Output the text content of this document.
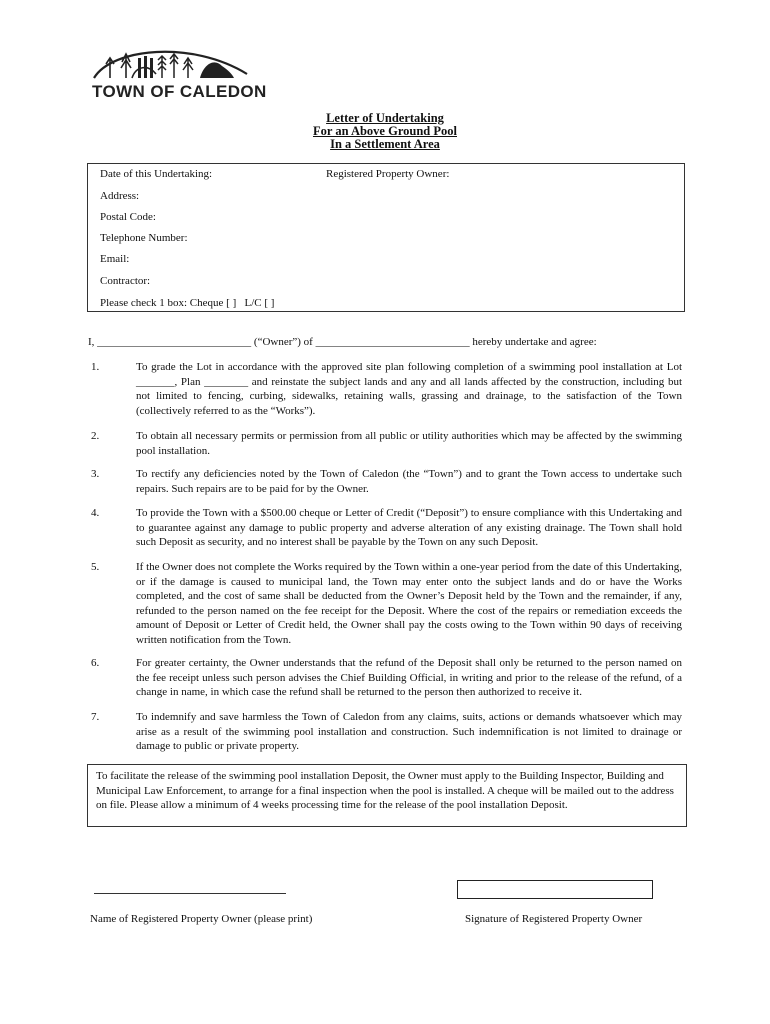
TOWN OF CALEDON
Letter of Undertaking
For an Above Ground Pool
In a Settlement Area
Date of this Undertaking:	Registered Property Owner:
Address:
Postal Code:
Telephone Number:
Email:
Contractor:
Please check 1 box: Cheque [ ]   L/C [ ]
I, ____________________________ (“Owner”) of ____________________________ hereby undertake and agree:
1.	To grade the Lot in accordance with the approved site plan following completion of a swimming pool installation at Lot _______, Plan ________ and reinstate the subject lands and any and all lands affected by the construction, including but not limited to fencing, curbing, sidewalks, retaining walls, grassing and drainage, to the satisfaction of the Town (collectively referred to as the “Works”).
2.	To obtain all necessary permits or permission from all public or utility authorities which may be affected by the swimming pool installation.
3.	To rectify any deficiencies noted by the Town of Caledon (the “Town”) and to grant the Town access to undertake such repairs. Such repairs are to be paid for by the Owner.
4.	To provide the Town with a $500.00 cheque or Letter of Credit (“Deposit”) to ensure compliance with this Undertaking and to guarantee against any damage to public property and adverse alteration of any existing drainage. The Town shall hold such Deposit as security, and no interest shall be payable by the Town on any such Deposit.
5.	If the Owner does not complete the Works required by the Town within a one-year period from the date of this Undertaking, or if the damage is caused to municipal land, the Town may enter onto the subject lands and do or have the Works completed, and the cost of same shall be deducted from the Owner’s Deposit held by the Town and the remainder, if any, refunded to the person named on the fee receipt for the Deposit. Where the cost of the repairs or remediation exceeds the amount of Deposit or Letter of Credit held, the Owner shall pay the costs owing to the Town within 90 days of receiving written notification from the Town.
6.	For greater certainty, the Owner understands that the refund of the Deposit shall only be returned to the person named on the fee receipt unless such person advises the Chief Building Official, in writing and prior to the release of the refund, of a change in name, in which case the refund shall be returned to the person then authorized to receive it.
7.	To indemnify and save harmless the Town of Caledon from any claims, suits, actions or demands whatsoever which may arise as a result of the swimming pool installation and construction. Such indemnification is not limited to drainage or damage to public or private property.
To facilitate the release of the swimming pool installation Deposit, the Owner must apply to the Building Inspector, Building and Municipal Law Enforcement, to arrange for a final inspection when the pool is installed. A cheque will be mailed out to the address on file. Please allow a minimum of 4 weeks processing time for the release of the pool installation Deposit.
Name of Registered Property Owner (please print)	Signature of Registered Property Owner
